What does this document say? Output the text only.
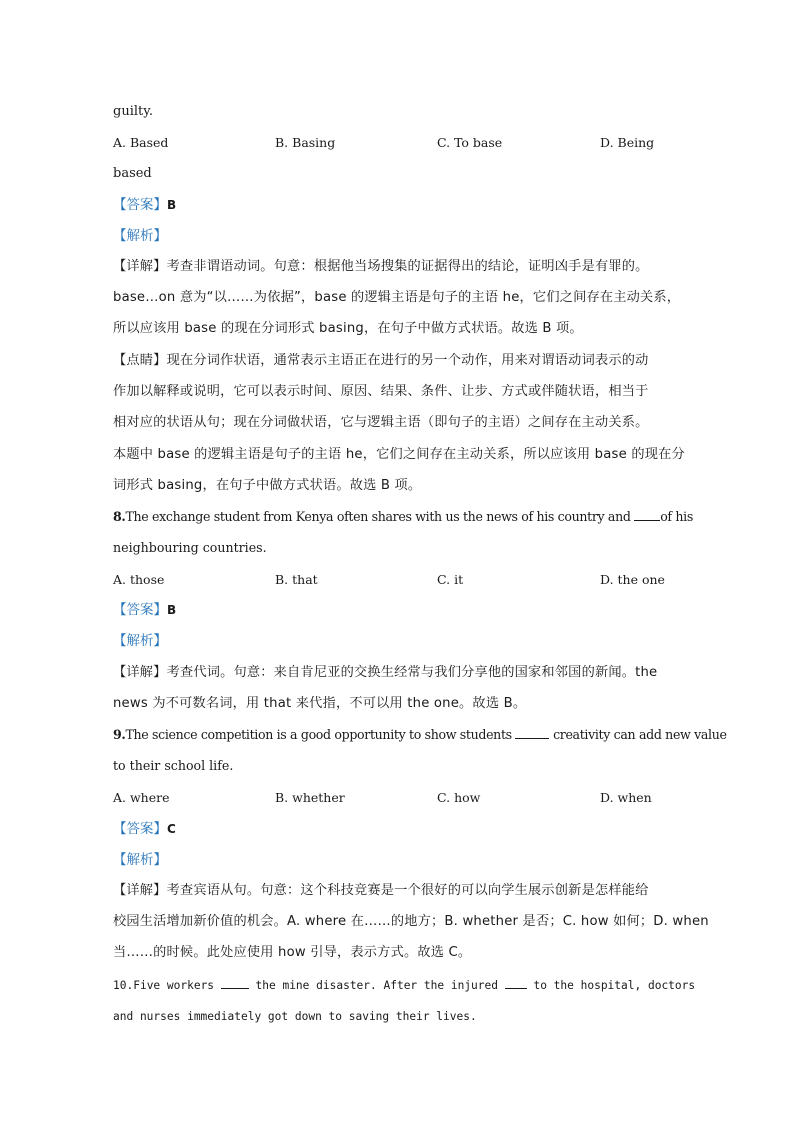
guilty.
A. Based	B. Basing	C. To base	D. Being
based
【答案】B
【解析】
【详解】考查非谓语动词。句意：根据他当场搜集的证据得出的结论，证明凶手是有罪的。
base…on 意为“以……为依据”，base 的逻辑主语是句子的主语 he，它们之间存在主动关系，
所以应该用 base 的现在分词形式 basing，在句子中做方式状语。故选 B 项。
【点睛】现在分词作状语，通常表示主语正在进行的另一个动作，用来对谓语动词表示的动
作加以解释或说明，它可以表示时间、原因、结果、条件、让步、方式或伴随状语，相当于
相对应的状语从句；现在分词做状语，它与逻辑主语（即句子的主语）之间存在主动关系。
本题中 base 的逻辑主语是句子的主语 he，它们之间存在主动关系，所以应该用 base 的现在分
词形式 basing，在句子中做方式状语。故选 B 项。
8.The exchange student from Kenya often shares with us the news of his country and of his
neighbouring countries.
A. those	B. that	C. it	D. the one
【答案】B
【解析】
【详解】考查代词。句意：来自肯尼亚的交换生经常与我们分享他的国家和邻国的新闻。the
news 为不可数名词，用 that 来代指，不可以用 the one。故选 B。
9.The science competition is a good opportunity to show students	creativity can add new value
to their school life.
A. where	B. whether	C. how	D. when
【答案】C
【解析】
【详解】考查宾语从句。句意：这个科技竞赛是一个很好的可以向学生展示创新是怎样能给
校园生活增加新价值的机会。A. where 在……的地方；B. whether 是否；C. how 如何；D. when
当……的时候。此处应使用 how 引导，表示方式。故选 C。
10.Five workers	the mine disaster. After the injured  to the hospital, doctors
and nurses immediately got down to saving their lives.
